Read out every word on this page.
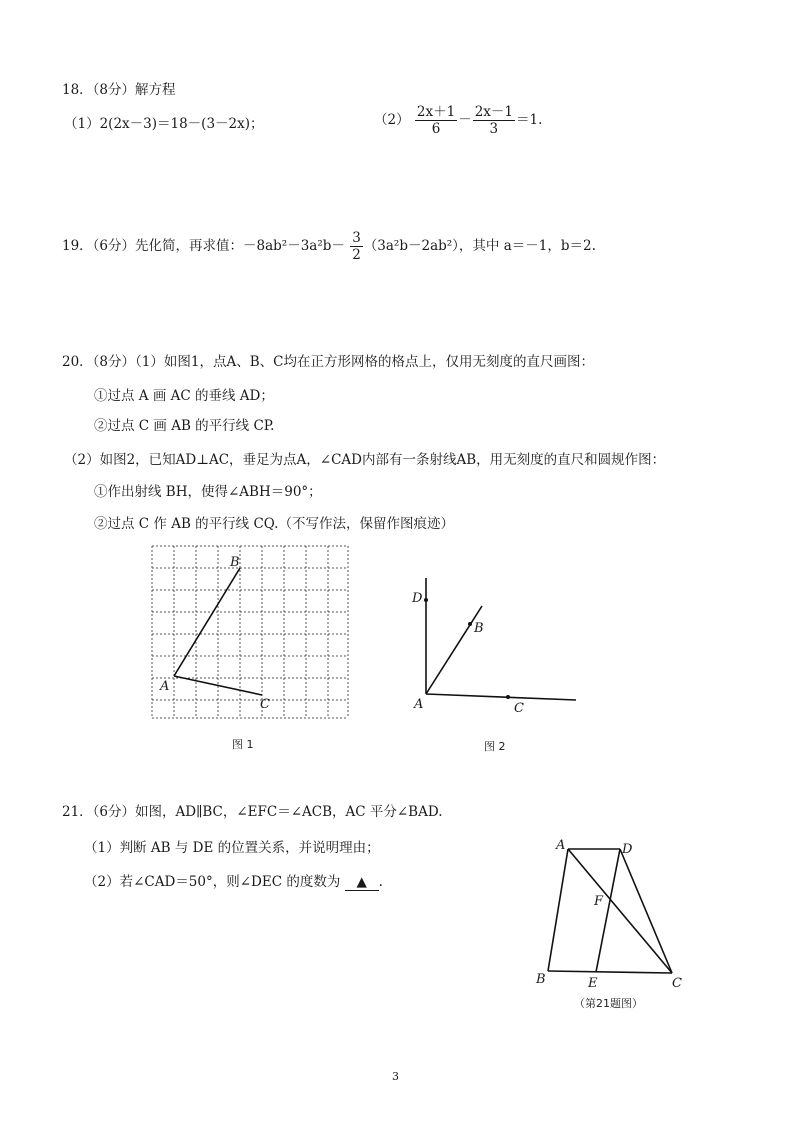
18．（8分）解方程
（1）2(2x－3)＝18－(3－2x)；	$(2) \frac{2x+1}{6} - \frac{2x-1}{3} =1$.
19．（6分）先化简，再求值：$-8ab^2-3a^2b- \frac{3}{2} (3a^2b-2ab^2)$，其中 a＝－1，b＝2.
20．（8分）（1）如图1，点A、B、C均在正方形网格的格点上，仅用无刻度的直尺画图：
①过点 A 画 AC 的垂线 AD；
②过点 C 画 AB 的平行线 CP.
（2）如图2，已知AD⊥AC，垂足为点A，∠CAD内部有一条射线AB，用无刻度的直尺和圆规作图：
①作出射线 BH，使得∠ABH＝90°；
②过点 C 作 AB 的平行线 CQ.（不写作法，保留作图痕迹）
A
B
C
图 1
D
B
A	C
图 2
21．（6分）如图，AD∥BC，∠EFC＝∠ACB，AC 平分∠BAD.
（1）判断 AB 与 DE 的位置关系，并说明理由；
（2）若∠CAD＝50°，则∠DEC 的度数为 ▲ .
A	D
F
B	E	C
（第21题图）
3
